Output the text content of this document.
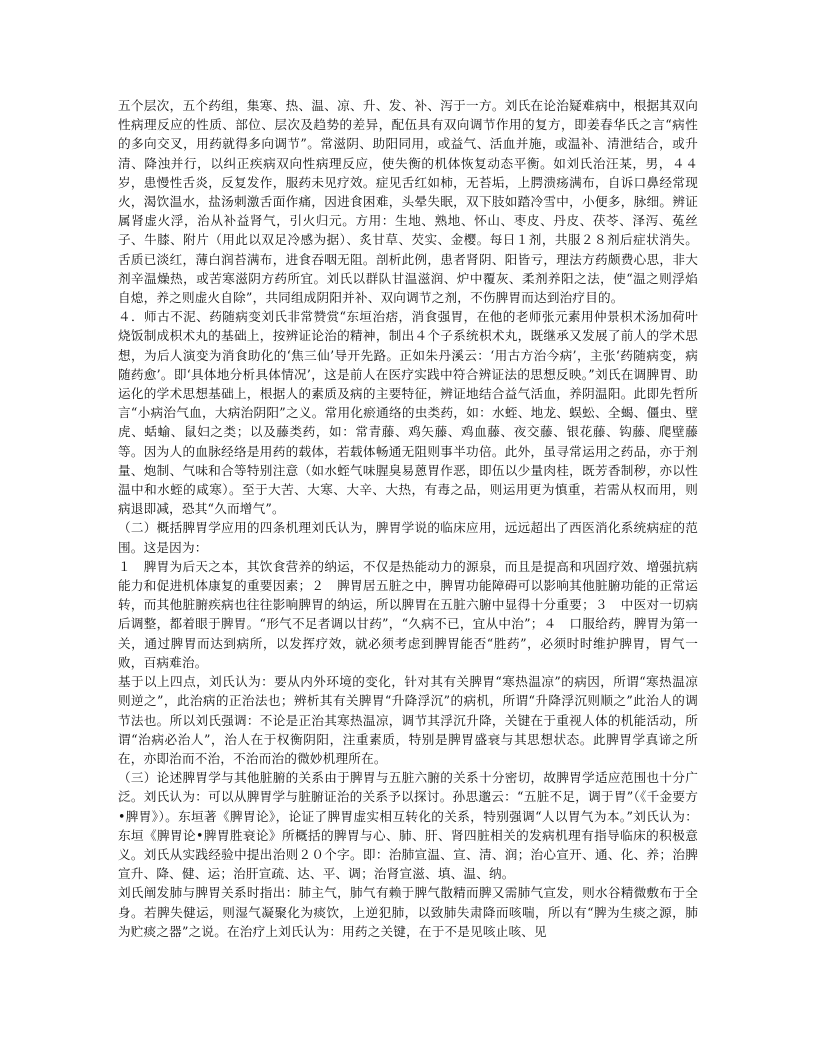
五个层次，五个药组，集寒、热、温、凉、升、发、补、泻于一方。刘氏在论治疑难病中，根据其双向性病理反应的性质、部位、层次及趋势的差异，配伍具有双向调节作用的复方，即姜春华氏之言“病性的多向交叉，用药就得多向调节”。常滋阴、助阳同用，或益气、活血并施，或温补、清泄结合，或升清、降浊并行，以纠正疾病双向性病理反应，使失衡的机体恢复动态平衡。如刘氏治汪某，男，４４岁，患慢性舌炎，反复发作，服药未见疗效。症见舌红如柿，无苔垢，上腭溃疡满布，自诉口鼻经常现火，渴饮温水，盐汤刺激舌面作痛，因进食困难，头晕失眠，双下肢如踏冷雪中，小便多，脉细。辨证属肾虚火浮，治从补益肾气，引火归元。方用：生地、熟地、怀山、枣皮、丹皮、茯苓、泽泻、菟丝子、牛膝、附片（用此以双足冷感为据）、炙甘草、芡实、金樱。每日１剂，共服２８剂后症状消失。舌质已淡红，薄白润苔满布，进食吞咽无阻。剖析此例，患者肾阴、阳皆亏，理法方药颇费心思，非大剂辛温燥热，或苦寒滋阴方药所宜。刘氏以群队甘温滋润、炉中覆灰、柔剂养阳之法，使“温之则浮焰自熄，养之则虚火自除”，共同组成阴阳并补、双向调节之剂，不伤脾胃而达到治疗目的。

４．师古不泥、药随病变刘氏非常赞赏“东垣治痞，消食强胃，在他的老师张元素用仲景枳术汤加荷叶烧饭制成枳术丸的基础上，按辨证论治的精神，制出４个子系统枳术丸，既继承又发展了前人的学术思想，为后人演变为消食助化的‘焦三仙’导开先路。正如朱丹溪云：‘用古方治今病’，主张‘药随病变，病随药愈’。即‘具体地分析具体情况’，这是前人在医疗实践中符合辨证法的思想反映。”刘氏在调脾胃、助运化的学术思想基础上，根据人的素质及病的主要特征，辨证地结合益气活血，养阴温阳。此即先哲所言“小病治气血，大病治阴阳”之义。常用化瘀通络的虫类药，如：水蛭、地龙、蜈蚣、全蝎、僵虫、壁虎、蛞蝓、鼠妇之类；以及藤类药，如：常青藤、鸡矢藤、鸡血藤、夜交藤、银花藤、钩藤、爬壁藤等。因为人的血脉经络是用药的载体，若载体畅通无阻则事半功倍。此外，虽寻常运用之药品，亦于剂量、炮制、气味和合等特别注意（如水蛭气味腥臭易蒽胃作恶，即伍以少量肉桂，既芳香制秽，亦以性温中和水蛭的咸寒）。至于大苦、大寒、大辛、大热，有毒之品，则运用更为慎重，若需从权而用，则病退即减，恐其“久而增气”。

（二）概括脾胃学应用的四条机理刘氏认为，脾胃学说的临床应用，远远超出了西医消化系统病症的范围。这是因为：

１　脾胃为后天之本，其饮食营养的纳运，不仅是热能动力的源泉，而且是提高和巩固疗效、增强抗病能力和促进机体康复的重要因素；２　脾胃居五脏之中，脾胃功能障碍可以影响其他脏腑功能的正常运转，而其他脏腑疾病也往往影响脾胃的纳运，所以脾胃在五脏六腑中显得十分重要；３　中医对一切病后调整，都着眼于脾胃。“形气不足者调以甘药”，“久病不已，宜从中治”；４　口服给药，脾胃为第一关，通过脾胃而达到病所，以发挥疗效，就必须考虑到脾胃能否“胜药”，必须时时维护脾胃，胃气一败，百病难治。

基于以上四点，刘氏认为：要从内外环境的变化，针对其有关脾胃“寒热温凉”的病因，所谓“寒热温凉则逆之”，此治病的正治法也；辨析其有关脾胃“升降浮沉”的病机，所谓“升降浮沉则顺之”此治人的调节法也。所以刘氏强调：不论是正治其寒热温凉，调节其浮沉升降，关键在于重视人体的机能活动，所谓“治病必治人”，治人在于权衡阴阳，注重素质，特别是脾胃盛衰与其思想状态。此脾胃学真谛之所在，亦即治而不治，不治而治的微妙机理所在。

（三）论述脾胃学与其他脏腑的关系由于脾胃与五脏六腑的关系十分密切，故脾胃学适应范围也十分广泛。刘氏认为：可以从脾胃学与脏腑证治的关系予以探讨。孙思邈云：“五脏不足，调于胃”（《千金要方•脾胃》）。东垣著《脾胃论》，论证了脾胃虚实相互转化的关系，特别强调“人以胃气为本。”刘氏认为：东垣《脾胃论•脾胃胜衰论》所概括的脾胃与心、肺、肝、肾四脏相关的发病机理有指导临床的积极意义。刘氏从实践经验中提出治则２０个字。即：治肺宣温、宣、清、润；治心宣开、通、化、养；治脾宣升、降、健、运；治肝宣疏、达、平、调；治肾宣滋、填、温、纳。

刘氏阐发肺与脾胃关系时指出：肺主气，肺气有赖于脾气散精而脾又需肺气宣发，则水谷精微敷布于全身。若脾失健运，则湿气凝聚化为痰饮，上逆犯肺，以致肺失肃降而咳喘，所以有“脾为生痰之源，肺为贮痰之器”之说。在治疗上刘氏认为：用药之关键，在于不是见咳止咳、见
